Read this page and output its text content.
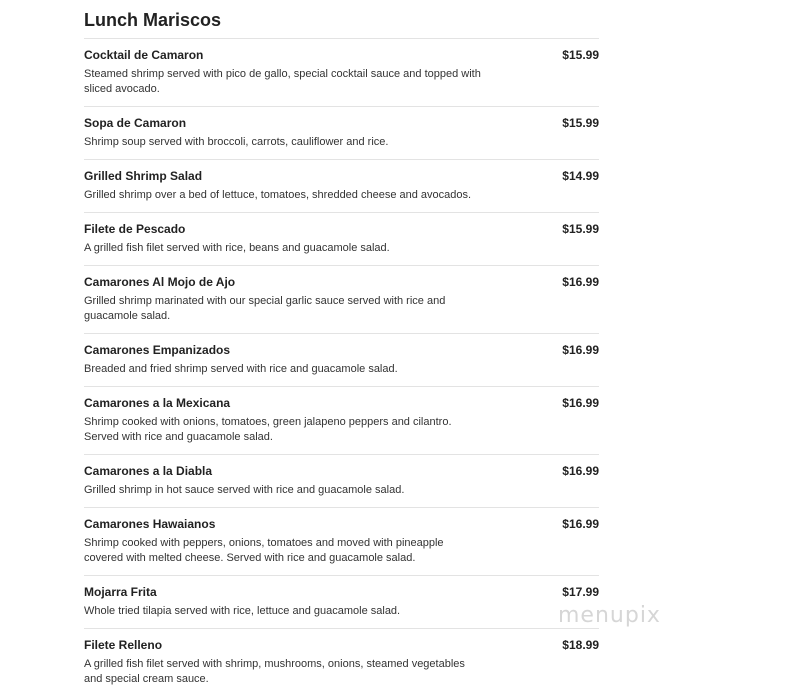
Lunch Mariscos
Cocktail de Camaron	$15.99
Steamed shrimp served with pico de gallo, special cocktail sauce and topped with sliced avocado.
Sopa de Camaron	$15.99
Shrimp soup served with broccoli, carrots, cauliflower and rice.
Grilled Shrimp Salad	$14.99
Grilled shrimp over a bed of lettuce, tomatoes, shredded cheese and avocados.
Filete de Pescado	$15.99
A grilled fish filet served with rice, beans and guacamole salad.
Camarones Al Mojo de Ajo	$16.99
Grilled shrimp marinated with our special garlic sauce served with rice and guacamole salad.
Camarones Empanizados	$16.99
Breaded and fried shrimp served with rice and guacamole salad.
Camarones a la Mexicana	$16.99
Shrimp cooked with onions, tomatoes, green jalapeno peppers and cilantro. Served with rice and guacamole salad.
Camarones a la Diabla	$16.99
Grilled shrimp in hot sauce served with rice and guacamole salad.
Camarones Hawaianos	$16.99
Shrimp cooked with peppers, onions, tomatoes and moved with pineapple covered with melted cheese. Served with rice and guacamole salad.
Mojarra Frita	$17.99
Whole tried tilapia served with rice, lettuce and guacamole salad.
Filete Relleno	$18.99
A grilled fish filet served with shrimp, mushrooms, onions, steamed vegetables and special cream sauce.
menupix
